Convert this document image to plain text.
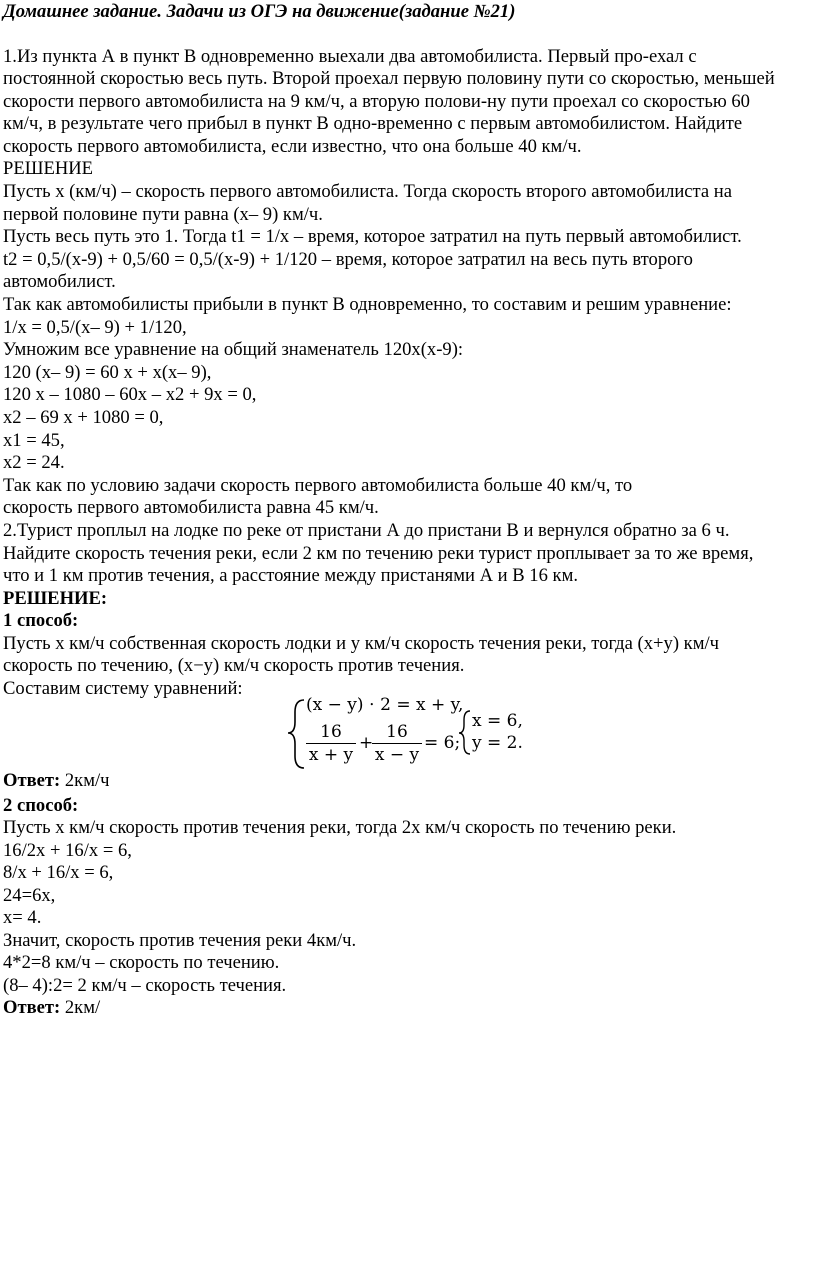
Домашнее задание. Задачи из ОГЭ на движение(задание №21)
1.Из пункта А в пункт В одновременно выехали два автомобилиста. Первый про-ехал с
постоянной скоростью весь путь. Второй проехал первую половину пути со скоростью, меньшей
скорости первого автомобилиста на 9 км/ч, а вторую полови-ну пути проехал со скоростью 60
км/ч, в результате чего прибыл в пункт В одно-временно с первым автомобилистом. Найдите
скорость первого автомобилиста, если известно, что она больше 40 км/ч.
РЕШЕНИЕ
Пусть x (км/ч) – скорость первого автомобилиста. Тогда скорость второго автомобилиста на
первой половине пути равна (x– 9) км/ч.
Пусть весь путь это 1. Тогда t1 = 1/x – время, которое затратил на путь первый автомобилист.
t2 = 0,5/(x-9) + 0,5/60 = 0,5/(x-9) + 1/120 – время, которое затратил на весь путь второго
автомобилист.
Так как автомобилисты прибыли в пункт В одновременно, то составим и решим уравнение:
1/x = 0,5/(x– 9) + 1/120,
Умножим все уравнение на общий знаменатель 120x(x-9):
120 (x– 9) = 60 x + x(x– 9),
120 x – 1080 – 60x – x2 + 9x = 0,
x2 – 69 x + 1080 = 0,
x1 = 45,
x2 = 24.
Так как по условию задачи скорость первого автомобилиста больше 40 км/ч, то
скорость первого автомобилиста равна 45 км/ч.
2.Турист проплыл на лодке по реке от пристани А до пристани В и вернулся обратно за 6 ч.
Найдите скорость течения реки, если 2 км по течению реки турист проплывает за то же время,
что и 1 км против течения, а расстояние между пристанями А и В 16 км.
РЕШЕНИЕ:
1 способ:
Пусть x км/ч собственная скорость лодки и y км/ч скорость течения реки, тогда (x+y) км/ч
скорость по течению, (x−y) км/ч скорость против течения.
Составим систему уравнений:
(x − y) ⋅ 2 = x + y,
16
x + y
+
16
x − y
= 6;
x = 6,
y = 2.
Ответ: 2км/ч
2 способ:
Пусть x км/ч скорость против течения реки, тогда 2x км/ч скорость по течению реки.
16/2x + 16/x = 6,
8/x + 16/x = 6,
24=6x,
x= 4.
Значит, скорость против течения реки 4км/ч.
4*2=8 км/ч – скорость по течению.
(8– 4):2= 2 км/ч – скорость течения.
Ответ: 2км/
